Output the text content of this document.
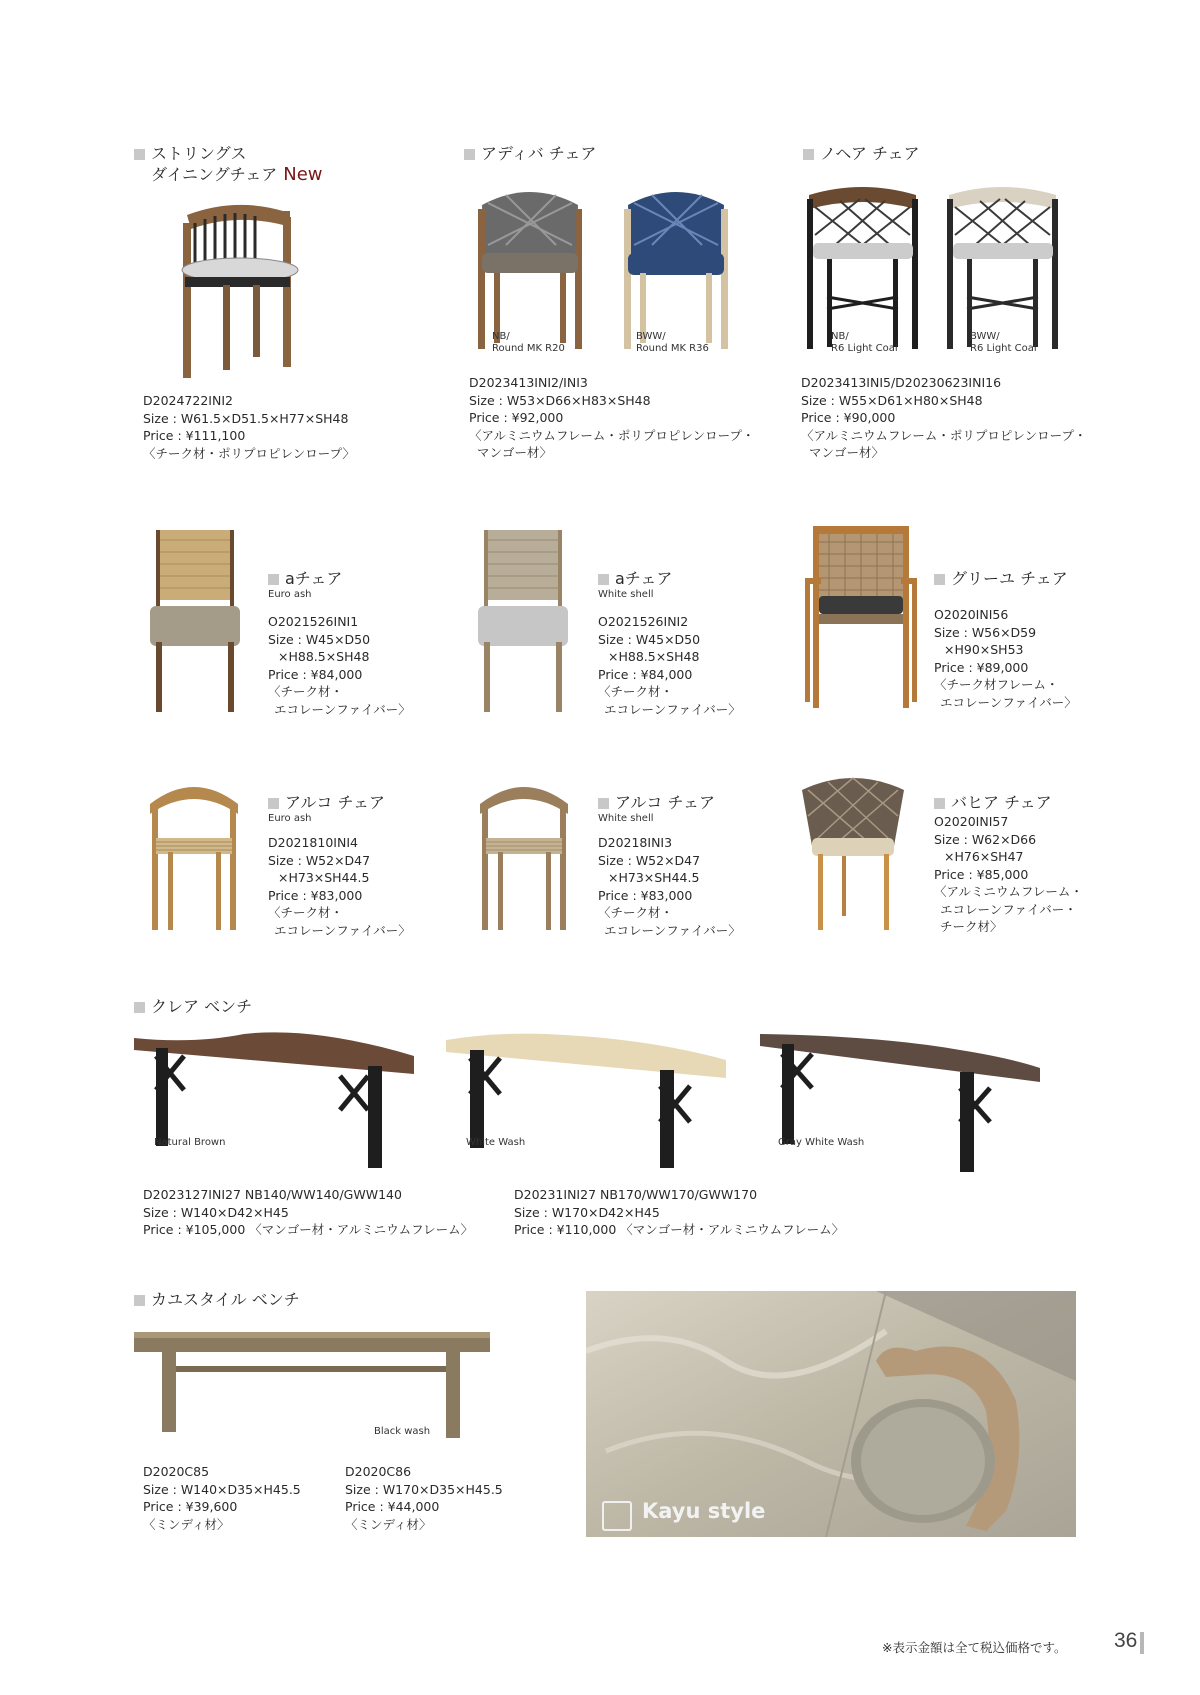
ストリングス
ダイニングチェア New
D2024722INI2
Size : W61.5×D51.5×H77×SH48
Price : ¥111,100
〈チーク材・ポリプロピレンロープ〉
アディバ チェア
NB/
Round MK R20
BWW/
Round MK R36
D2023413INI2/INI3
Size : W53×D66×H83×SH48
Price : ¥92,000
〈アルミニウムフレーム・ポリプロピレンロープ・
マンゴー材〉
ノヘア チェア
NB/
R6 Light Coal
BWW/
R6 Light Coal
D2023413INI5/D20230623INI16
Size : W55×D61×H80×SH48
Price : ¥90,000
〈アルミニウムフレーム・ポリプロピレンロープ・
マンゴー材〉
aチェア
Euro ash
O2021526INI1
Size : W45×D50
×H88.5×SH48
Price : ¥84,000
〈チーク材・
エコレーンファイバー〉
aチェア
White shell
O2021526INI2
Size : W45×D50
×H88.5×SH48
Price : ¥84,000
〈チーク材・
エコレーンファイバー〉
グリーユ チェア
O2020INI56
Size : W56×D59
×H90×SH53
Price : ¥89,000
〈チーク材フレーム・
エコレーンファイバー〉
アルコ チェア
Euro ash
D2021810INI4
Size : W52×D47
×H73×SH44.5
Price : ¥83,000
〈チーク材・
エコレーンファイバー〉
アルコ チェア
White shell
D20218INI3
Size : W52×D47
×H73×SH44.5
Price : ¥83,000
〈チーク材・
エコレーンファイバー〉
バヒア チェア
O2020INI57
Size : W62×D66
×H76×SH47
Price : ¥85,000
〈アルミニウムフレーム・
エコレーンファイバー・
チーク材〉
クレア ベンチ
Natural Brown	White Wash	Gray White Wash
D2023127INI27 NB140/WW140/GWW140
Size : W140×D42×H45
Price : ¥105,000 〈マンゴー材・アルミニウムフレーム〉
D20231INI27 NB170/WW170/GWW170
Size : W170×D42×H45
Price : ¥110,000 〈マンゴー材・アルミニウムフレーム〉
カユスタイル ベンチ
Black wash
Kayu style
D2020C85
Size : W140×D35×H45.5
Price : ¥39,600
〈ミンディ材〉
D2020C86
Size : W170×D35×H45.5
Price : ¥44,000
〈ミンディ材〉
※表示金額は全て税込価格です。 36
